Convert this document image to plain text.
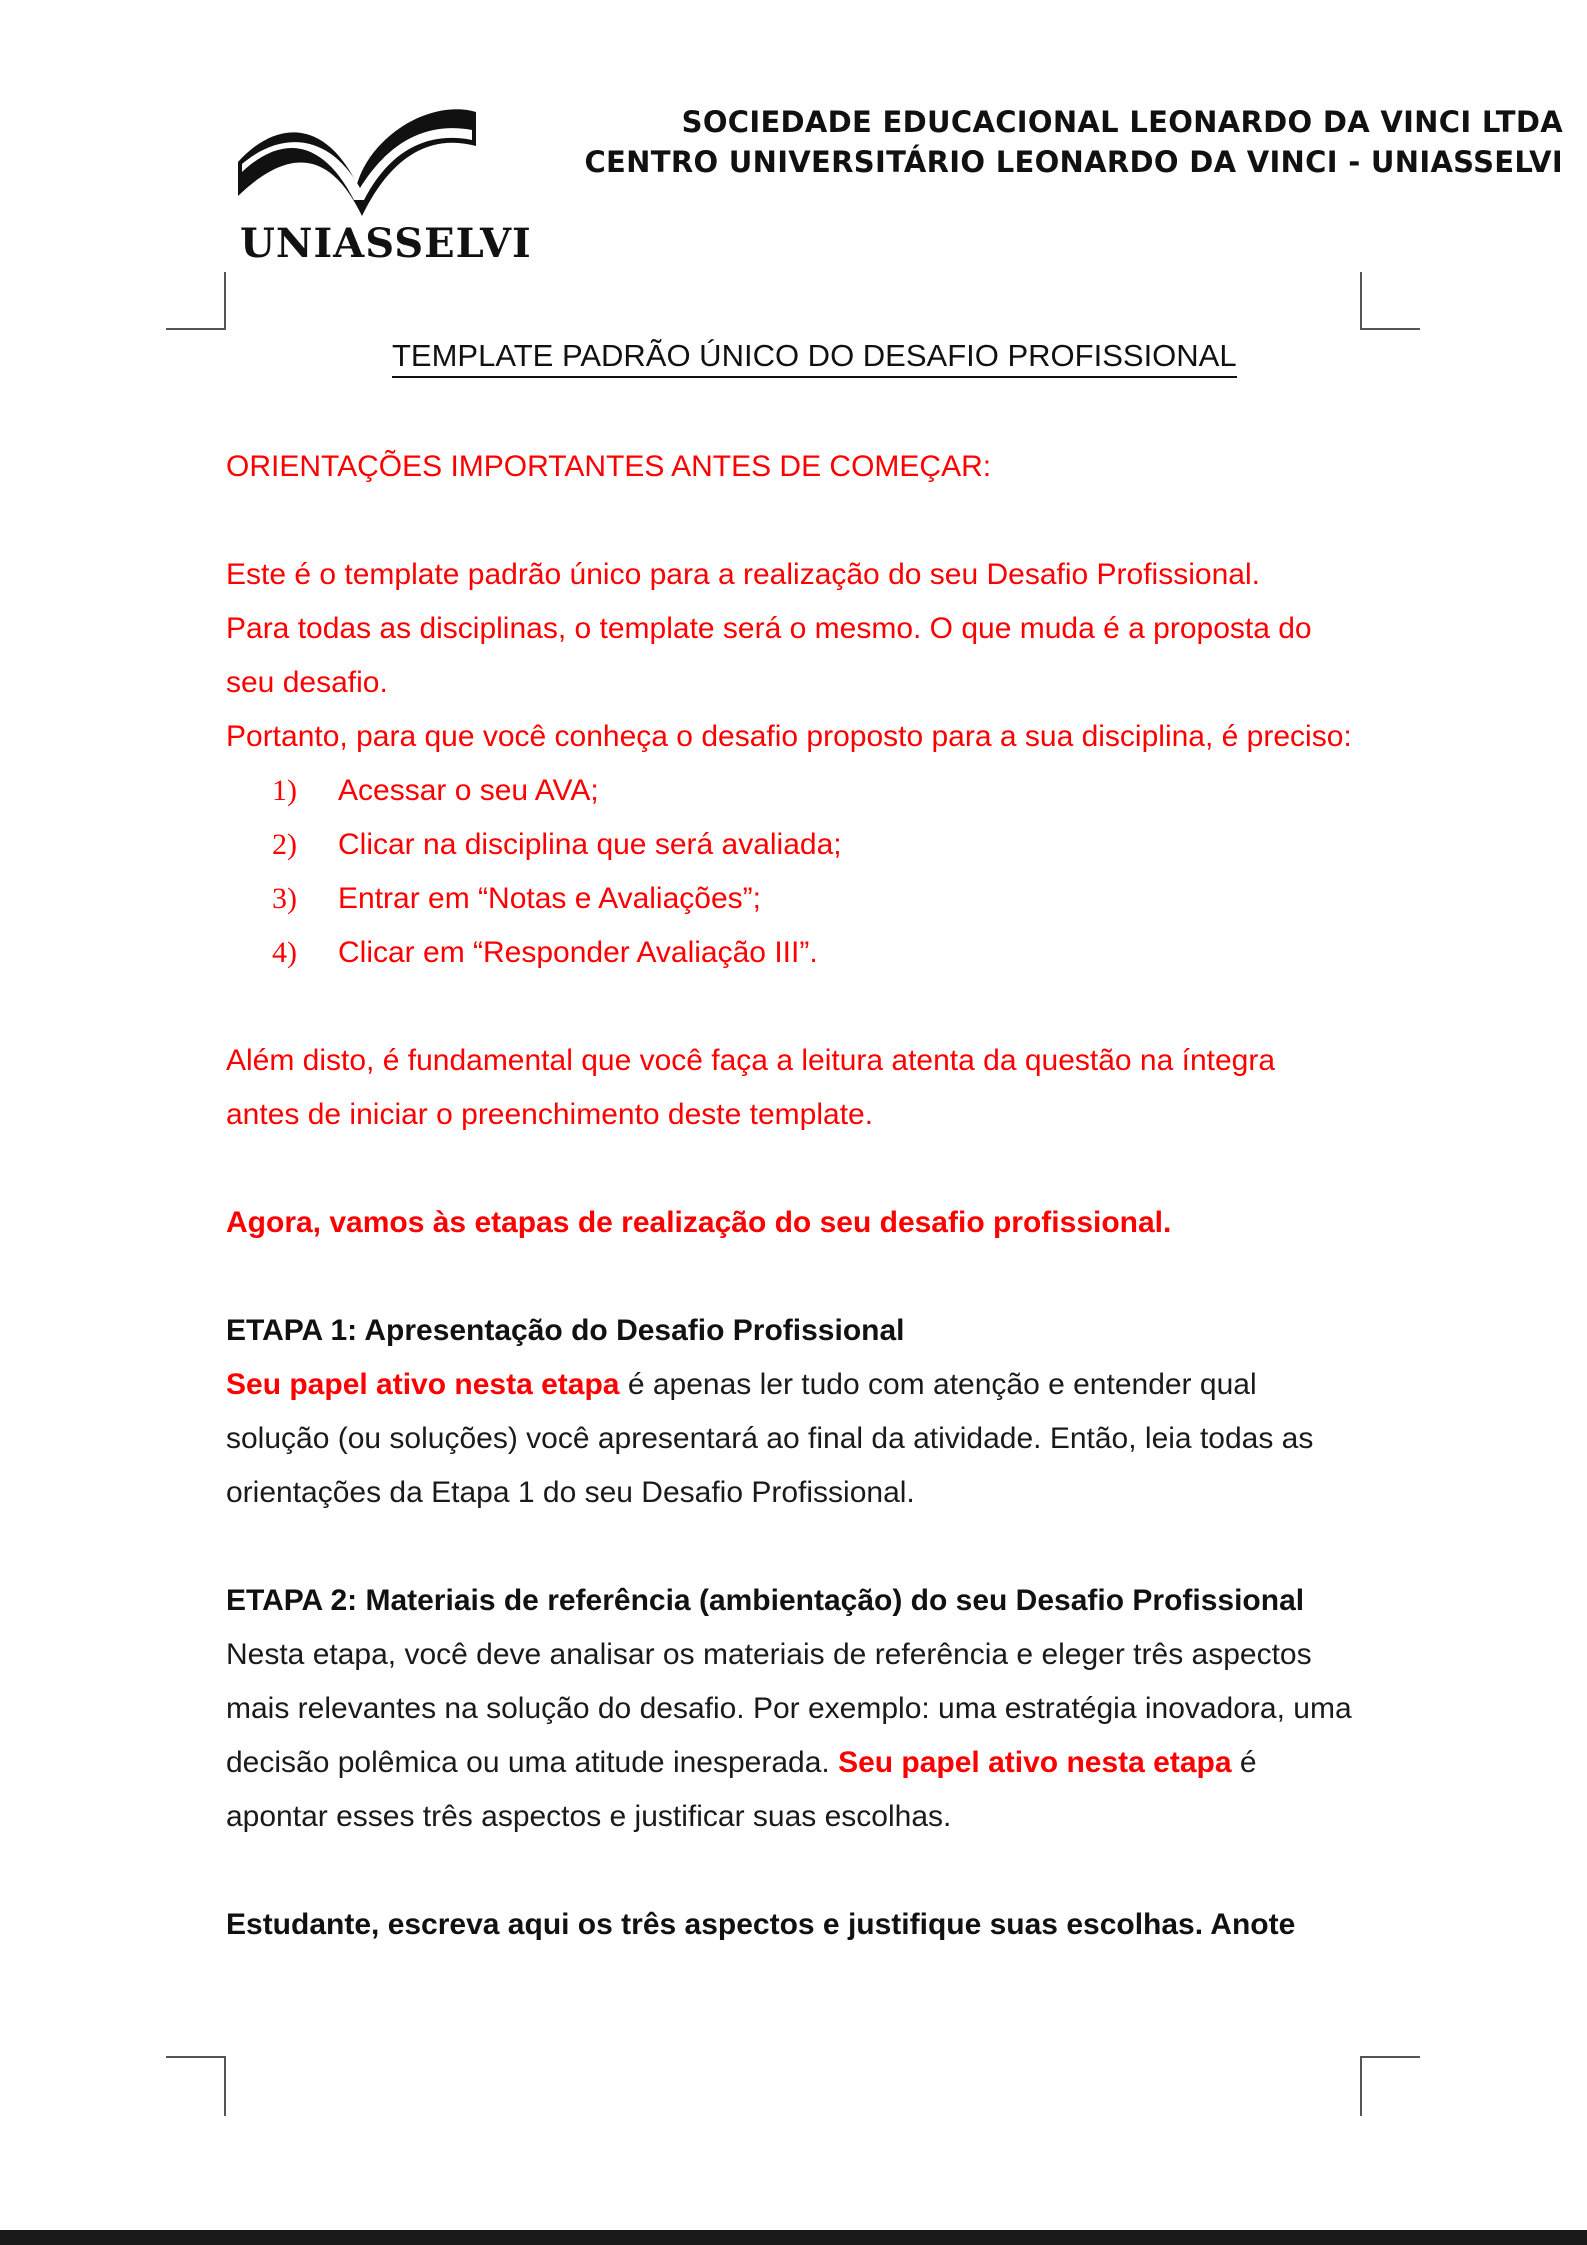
UNIASSELVI
SOCIEDADE EDUCACIONAL LEONARDO DA VINCI LTDA
CENTRO UNIVERSITÁRIO LEONARDO DA VINCI - UNIASSELVI
TEMPLATE PADRÃO ÚNICO DO DESAFIO PROFISSIONAL

ORIENTAÇÕES IMPORTANTES ANTES DE COMEÇAR:

Este é o template padrão único para a realização do seu Desafio Profissional.

Para todas as disciplinas, o template será o mesmo. O que muda é a proposta do seu desafio.

Portanto, para que você conheça o desafio proposto para a sua disciplina, é preciso:

1)	Acessar o seu AVA;
2)	Clicar na disciplina que será avaliada;
3)	Entrar em “Notas e Avaliações”;
4)	Clicar em “Responder Avaliação III”.

Além disto, é fundamental que você faça a leitura atenta da questão na íntegra antes de iniciar o preenchimento deste template.

Agora, vamos às etapas de realização do seu desafio profissional.

ETAPA 1: Apresentação do Desafio Profissional

Seu papel ativo nesta etapa é apenas ler tudo com atenção e entender qual solução (ou soluções) você apresentará ao final da atividade. Então, leia todas as orientações da Etapa 1 do seu Desafio Profissional.

ETAPA 2: Materiais de referência (ambientação) do seu Desafio Profissional

Nesta etapa, você deve analisar os materiais de referência e eleger três aspectos mais relevantes na solução do desafio. Por exemplo: uma estratégia inovadora, uma decisão polêmica ou uma atitude inesperada. Seu papel ativo nesta etapa é apontar esses três aspectos e justificar suas escolhas.

Estudante, escreva aqui os três aspectos e justifique suas escolhas. Anote
